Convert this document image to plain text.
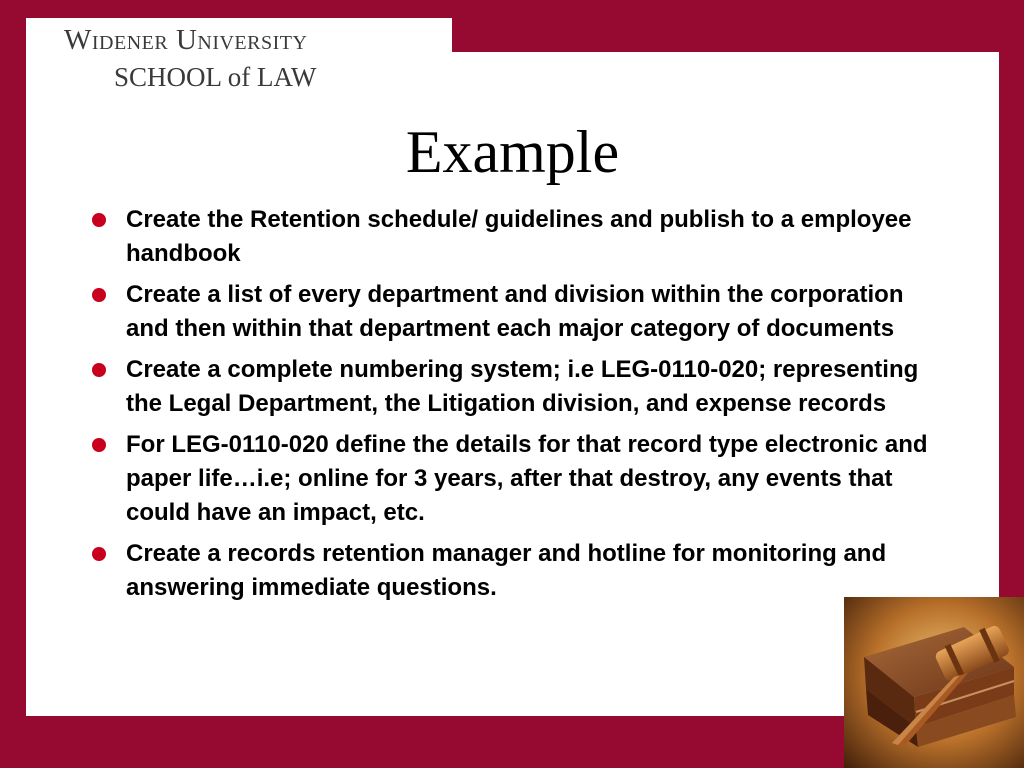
Widener University
SCHOOL of LAW
Example
Create the Retention schedule/ guidelines and publish to a employee handbook
Create a list of every department and division within the corporation and then within that department each major category of documents
Create a complete numbering system; i.e LEG-0110-020; representing the Legal Department, the Litigation division, and expense records
For LEG-0110-020 define the details for that record type electronic and paper life…i.e; online for 3 years, after that destroy, any events that could have an impact, etc.
Create a records retention manager and hotline for monitoring and answering immediate questions.
